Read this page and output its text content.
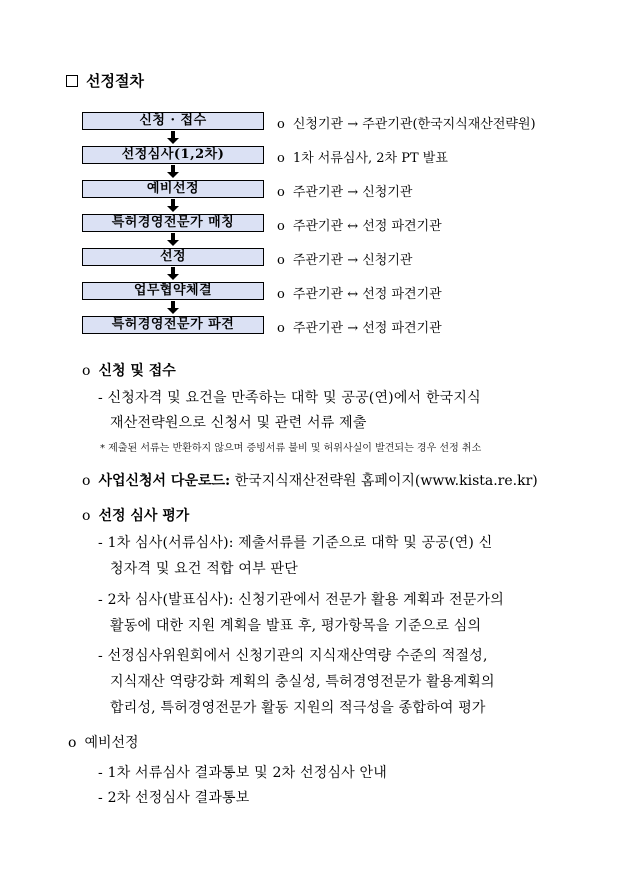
선정절차
신청 · 접수
선정심사(1,2차)
예비선정
특허경영전문가 매칭
선정
업무협약체결
특허경영전문가 파견
o 신청기관 → 주관기관(한국지식재산전략원)
o 1차 서류심사, 2차 PT 발표
o 주관기관 → 신청기관
o 주관기관 ↔ 선정 파견기관
o 주관기관 → 신청기관
o 주관기관 ↔ 선정 파견기관
o 주관기관 → 선정 파견기관
o 신청 및 접수
- 신청자격 및 요건을 만족하는 대학 및 공공(연)에서 한국지식
재산전략원으로 신청서 및 관련 서류 제출
* 제출된 서류는 반환하지 않으며 증빙서류 불비 및 허위사실이 발견되는 경우 선정 취소
o 사업신청서 다운로드: 한국지식재산전략원 홈페이지(www.kista.re.kr)
o 선정 심사 평가
- 1차 심사(서류심사): 제출서류를 기준으로 대학 및 공공(연) 신
청자격 및 요건 적합 여부 판단
- 2차 심사(발표심사): 신청기관에서 전문가 활용 계획과 전문가의
활동에 대한 지원 계획을 발표 후, 평가항목을 기준으로 심의
- 선정심사위원회에서 신청기관의 지식재산역량 수준의 적절성,
지식재산 역량강화 계획의 충실성, 특허경영전문가 활용계획의
합리성, 특허경영전문가 활동 지원의 적극성을 종합하여 평가
o 예비선정
- 1차 서류심사 결과통보 및 2차 선정심사 안내
- 2차 선정심사 결과통보
